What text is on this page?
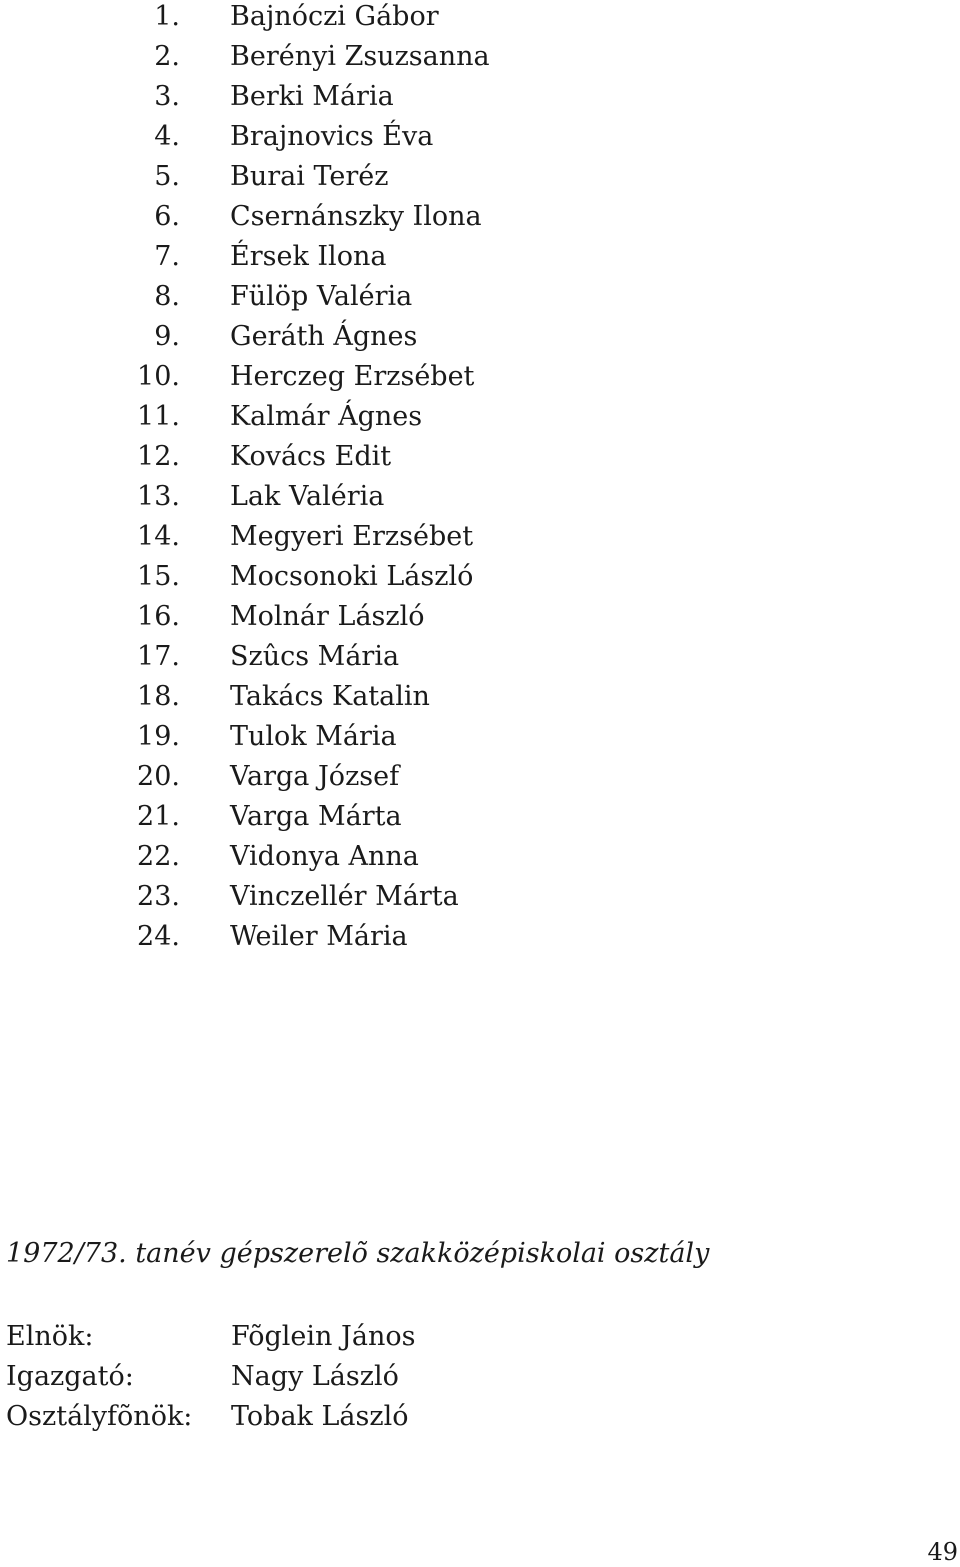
1. Bajnóczi Gábor
2. Berényi Zsuzsanna
3. Berki Mária
4. Brajnovics Éva
5. Burai Teréz
6. Csernánszky Ilona
7. Érsek Ilona
8. Fülöp Valéria
9. Geráth Ágnes
10. Herczeg Erzsébet
11. Kalmár Ágnes
12. Kovács Edit
13. Lak Valéria
14. Megyeri Erzsébet
15. Mocsonoki László
16. Molnár László
17. Szûcs Mária
18. Takács Katalin
19. Tulok Mária
20. Varga József
21. Varga Márta
22. Vidonya Anna
23. Vinczellér Márta
24. Weiler Mária
1972/73. tanév gépszerelõ szakközépiskolai osztály
Elnök:	Fõglein János
Igazgató:	Nagy László
Osztályfõnök: Tobak László
49
